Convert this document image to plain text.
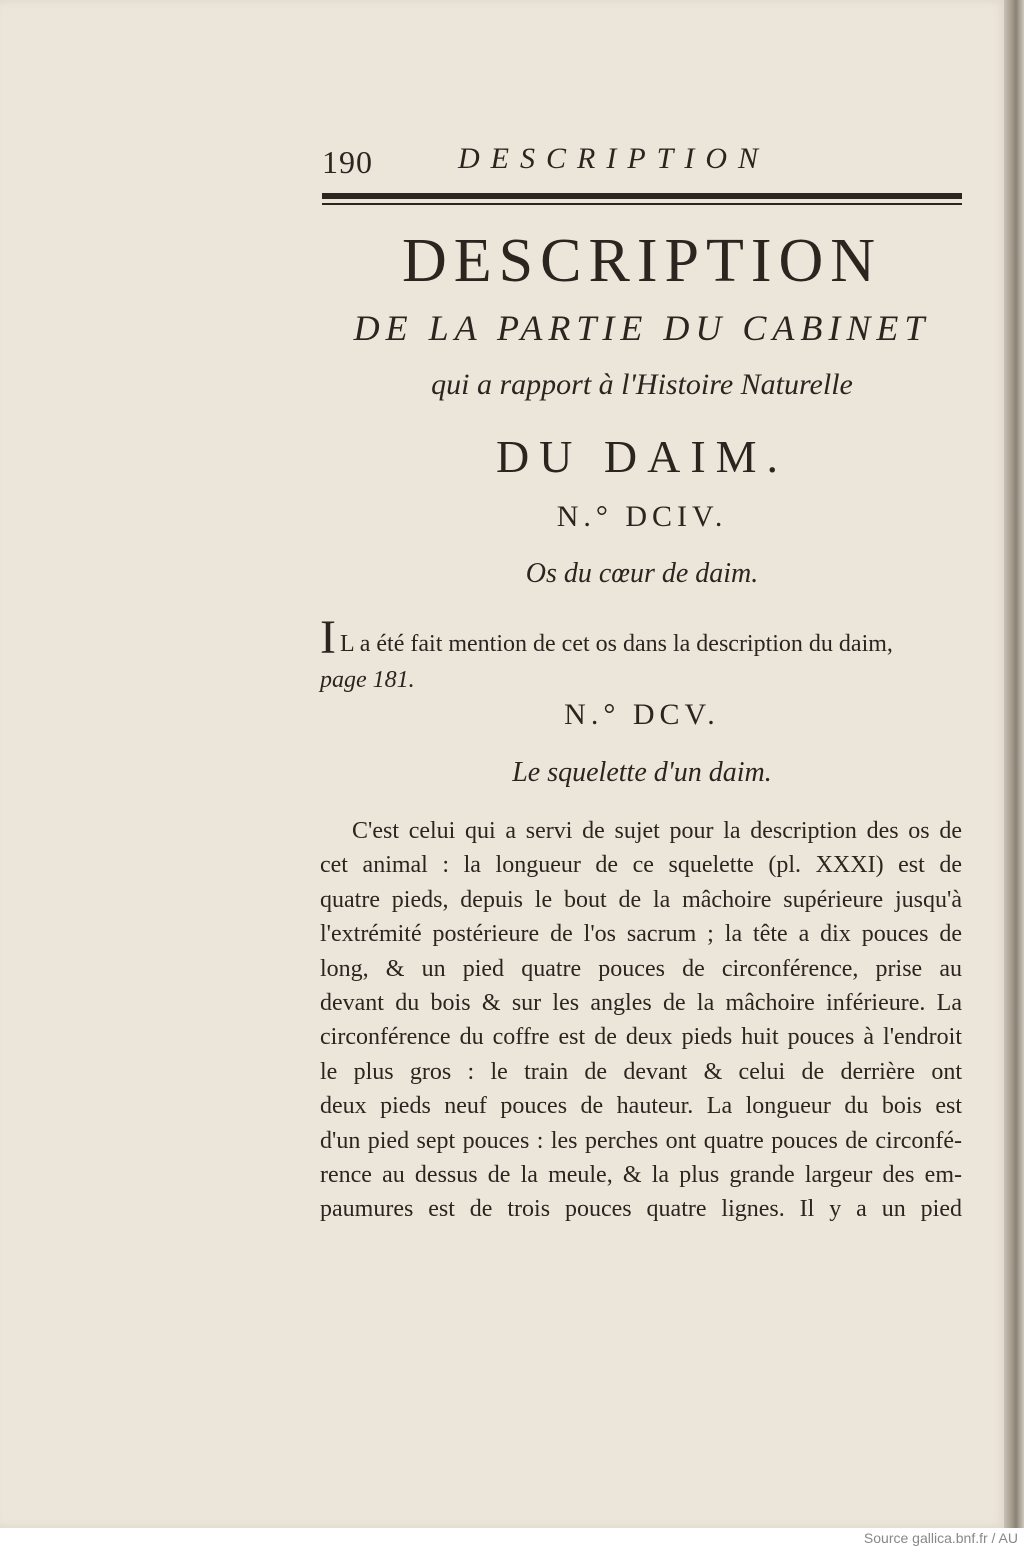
190	DESCRIPTION
DESCRIPTION
DE LA PARTIE DU CABINET
qui a rapport à l'Histoire Naturelle
DU DAIM.
N.° DCIV.
Os du cœur de daim.
I L a été fait mention de cet os dans la description du daim,
page 181.
N.° DCV.
Le squelette d'un daim.
C'est celui qui a servi de sujet pour la description des os de
cet animal : la longueur de ce squelette (pl. XXXI) est de
quatre pieds, depuis le bout de la mâchoire supérieure jusqu'à
l'extrémité postérieure de l'os sacrum ; la tête a dix pouces de
long, & un pied quatre pouces de circonférence, prise au
devant du bois & sur les angles de la mâchoire inférieure. La
circonférence du coffre est de deux pieds huit pouces à l'endroit
le plus gros : le train de devant & celui de derrière ont
deux pieds neuf pouces de hauteur. La longueur du bois est
d'un pied sept pouces : les perches ont quatre pouces de circonfé-
rence au dessus de la meule, & la plus grande largeur des em-
paumures est de trois pouces quatre lignes. Il y a un pied
Source gallica.bnf.fr / AU
